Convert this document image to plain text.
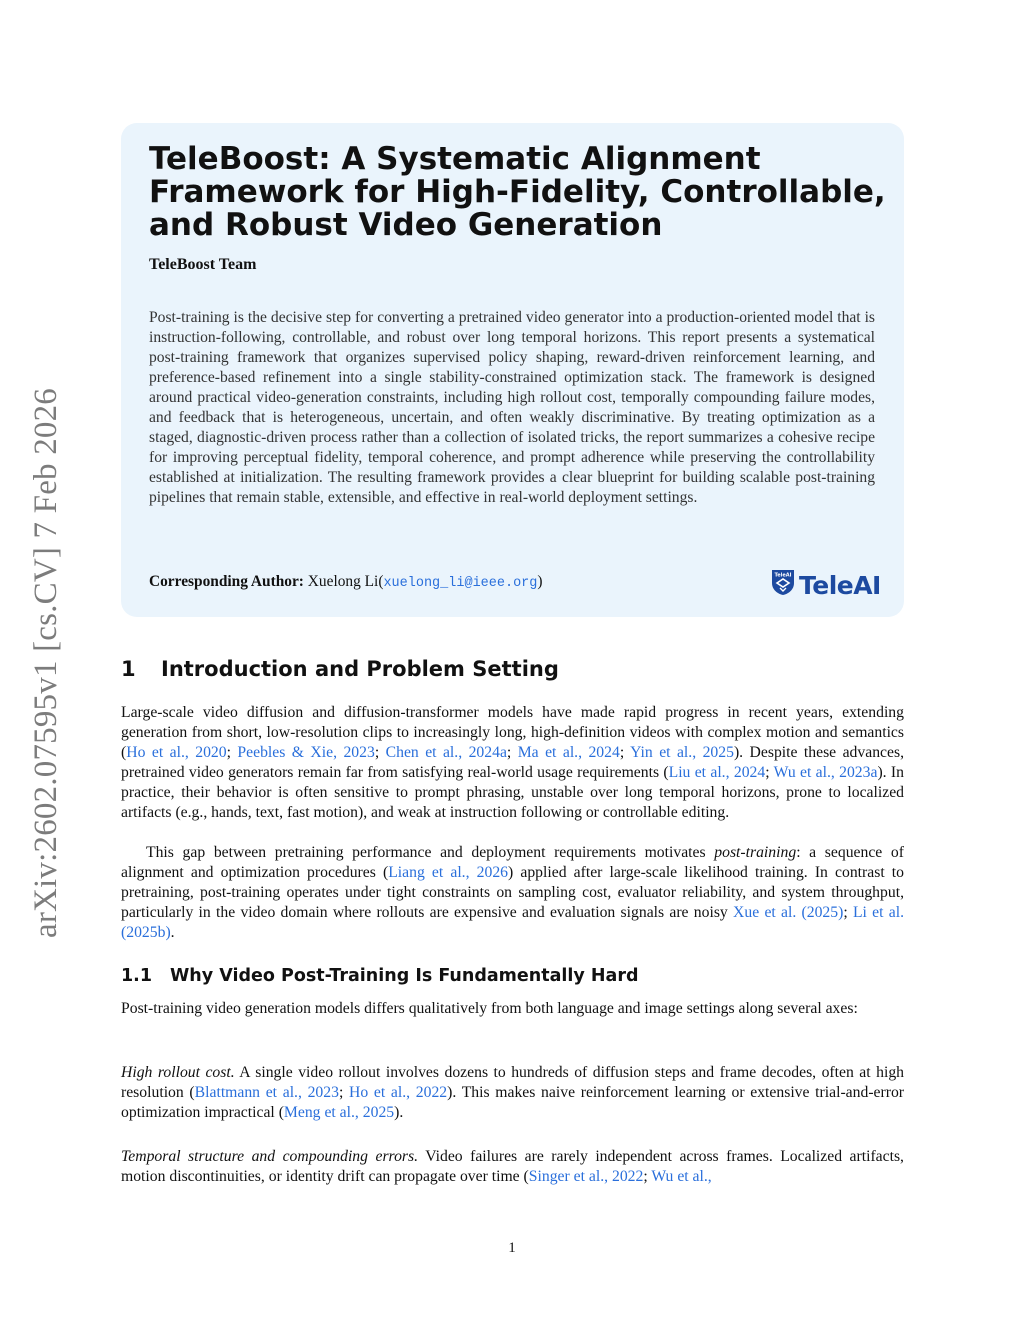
arXiv:2602.07595v1 [cs.CV] 7 Feb 2026
TeleBoost: A Systematic Alignment Framework for High-Fidelity, Controllable, and Robust Video Generation
TeleBoost Team

Post-training is the decisive step for converting a pretrained video generator into a production-oriented model that is instruction-following, controllable, and robust over long temporal horizons. This report presents a systematical post-training framework that organizes supervised policy shaping, reward-driven reinforcement learning, and preference-based refinement into a single stability-constrained optimization stack. The framework is designed around practical video-generation constraints, including high rollout cost, temporally compounding failure modes, and feedback that is heterogeneous, uncertain, and often weakly discriminative. By treating optimization as a staged, diagnostic-driven process rather than a collection of isolated tricks, the report summarizes a cohesive recipe for improving perceptual fidelity, temporal coherence, and prompt adherence while preserving the controllability established at initialization. The resulting framework provides a clear blueprint for building scalable post-training pipelines that remain stable, extensible, and effective in real-world deployment settings.

Corresponding Author: Xuelong Li(xuelong_li@ieee.org)	TeleAI TeleAI
1 Introduction and Problem Setting

Large-scale video diffusion and diffusion-transformer models have made rapid progress in recent years, extending generation from short, low-resolution clips to increasingly long, high-definition videos with complex motion and semantics (Ho et al., 2020; Peebles & Xie, 2023; Chen et al., 2024a; Ma et al., 2024; Yin et al., 2025). Despite these advances, pretrained video generators remain far from satisfying real-world usage requirements (Liu et al., 2024; Wu et al., 2023a). In practice, their behavior is often sensitive to prompt phrasing, unstable over long temporal horizons, prone to localized artifacts (e.g., hands, text, fast motion), and weak at instruction following or controllable editing.

This gap between pretraining performance and deployment requirements motivates post-training: a sequence of alignment and optimization procedures (Liang et al., 2026) applied after large-scale likelihood training. In contrast to pretraining, post-training operates under tight constraints on sampling cost, evaluator reliability, and system throughput, particularly in the video domain where rollouts are expensive and evaluation signals are noisy Xue et al. (2025); Li et al. (2025b).

1.1 Why Video Post-Training Is Fundamentally Hard

Post-training video generation models differs qualitatively from both language and image settings along several axes:

High rollout cost. A single video rollout involves dozens to hundreds of diffusion steps and frame decodes, often at high resolution (Blattmann et al., 2023; Ho et al., 2022). This makes naive reinforcement learning or extensive trial-and-error optimization impractical (Meng et al., 2025).

Temporal structure and compounding errors. Video failures are rarely independent across frames. Localized artifacts, motion discontinuities, or identity drift can propagate over time (Singer et al., 2022; Wu et al.,

1
